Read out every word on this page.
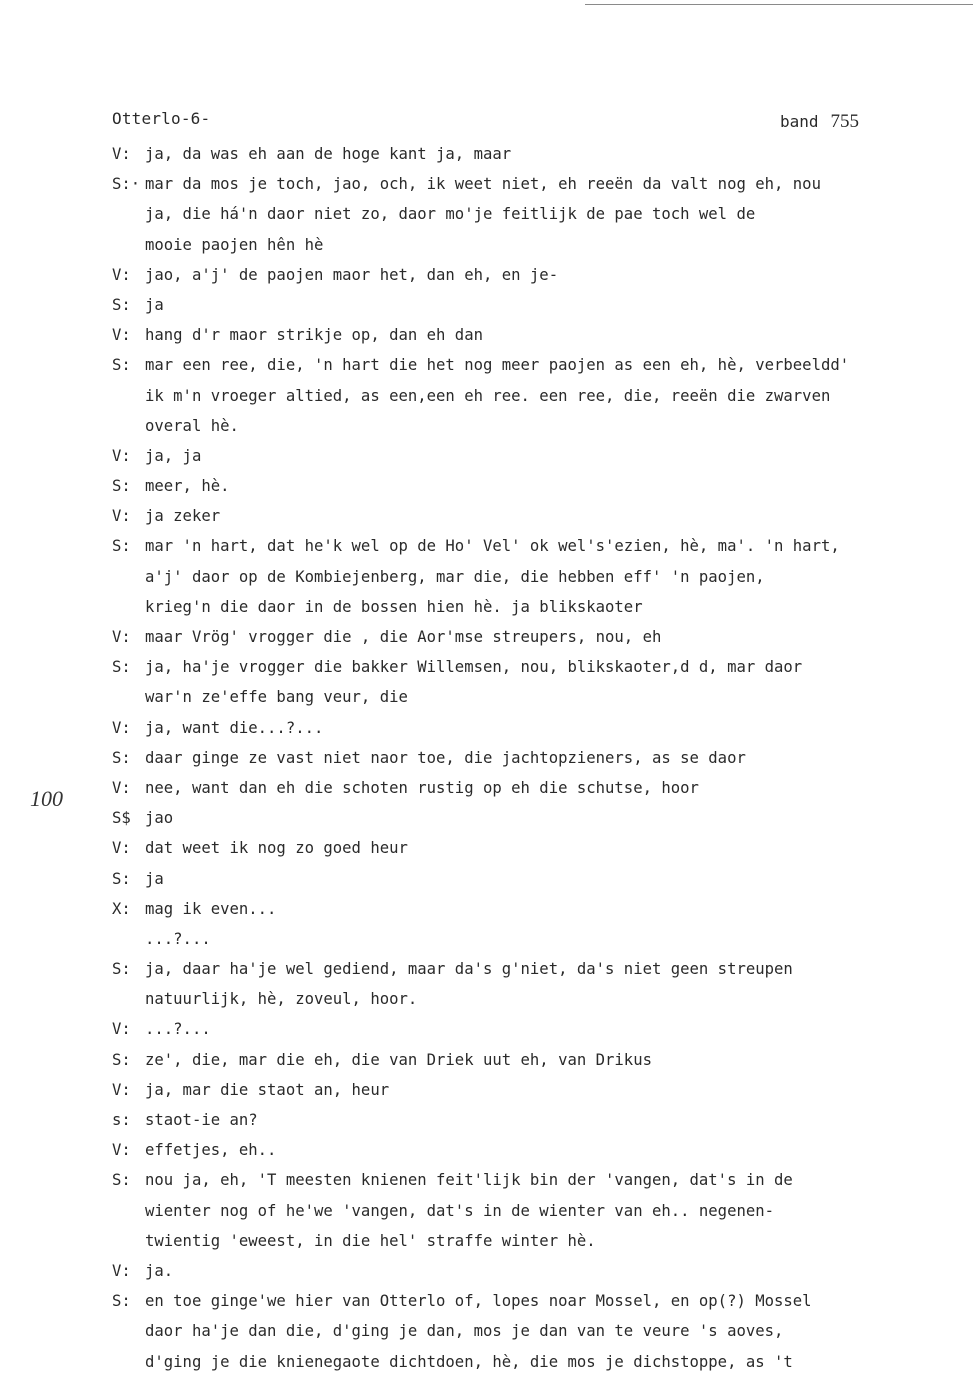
Otterlo-6-	band 755
100
V: ja, da was eh aan de hoge kant ja, maar
S:· mar da mos je toch, jao, och, ik weet niet, eh reeën da valt nog eh, nou
ja, die há'n daor niet zo, daor mo'je feitlijk de pae toch wel de
mooie paojen hên hè
V: jao, a'j' de paojen maor het, dan eh, en je-
S: ja
V: hang d'r maor strikje op, dan eh dan
S: mar een ree, die, 'n hart die het nog meer paojen as een eh, hè, verbeeldd'
ik m'n vroeger altied, as een,een eh ree. een ree, die, reeën die zwarven
overal hè.
V: ja, ja
S: meer, hè.
V: ja zeker
S: mar 'n hart, dat he'k wel op de Ho' Vel' ok wel's'ezien, hè, ma'. 'n hart,
a'j' daor op de Kombiejenberg, mar die, die hebben eff' 'n paojen,
krieg'n die daor in de bossen hien hè. ja blikskaoter
V: maar Vrög' vrogger die , die Aor'mse streupers, nou, eh
S: ja, ha'je vrogger die bakker Willemsen, nou, blikskaoter,d d, mar daor
war'n ze'effe bang veur, die
V: ja, want die...?...
S: daar ginge ze vast niet naor toe, die jachtopzieners, as se daor
V: nee, want dan eh die schoten rustig op eh die schutse, hoor
S$ jao
V: dat weet ik nog zo goed heur
S: ja
X: mag ik even...
...?...
S: ja, daar ha'je wel gediend, maar da's g'niet, da's niet geen streupen
natuurlijk, hè, zoveul, hoor.
V: ...?...
S: ze', die, mar die eh, die van Driek uut eh, van Drikus
V: ja, mar die staot an, heur
s: staot-ie an?
V: effetjes, eh..
S: nou ja, eh, 'T meesten knienen feit'lijk bin der 'vangen, dat's in de
wienter nog of he'we 'vangen, dat's in de wienter van eh.. negenen-
twientig 'eweest, in die hel' straffe winter hè.
V: ja.
S: en toe ginge'we hier van Otterlo of, lopes noar Mossel, en op(?) Mossel
daor ha'je dan die, d'ging je dan, mos je dan van te veure 's aoves,
d'ging je die knienegaote dichtdoen, hè, die mos je dichstoppe, as 't
